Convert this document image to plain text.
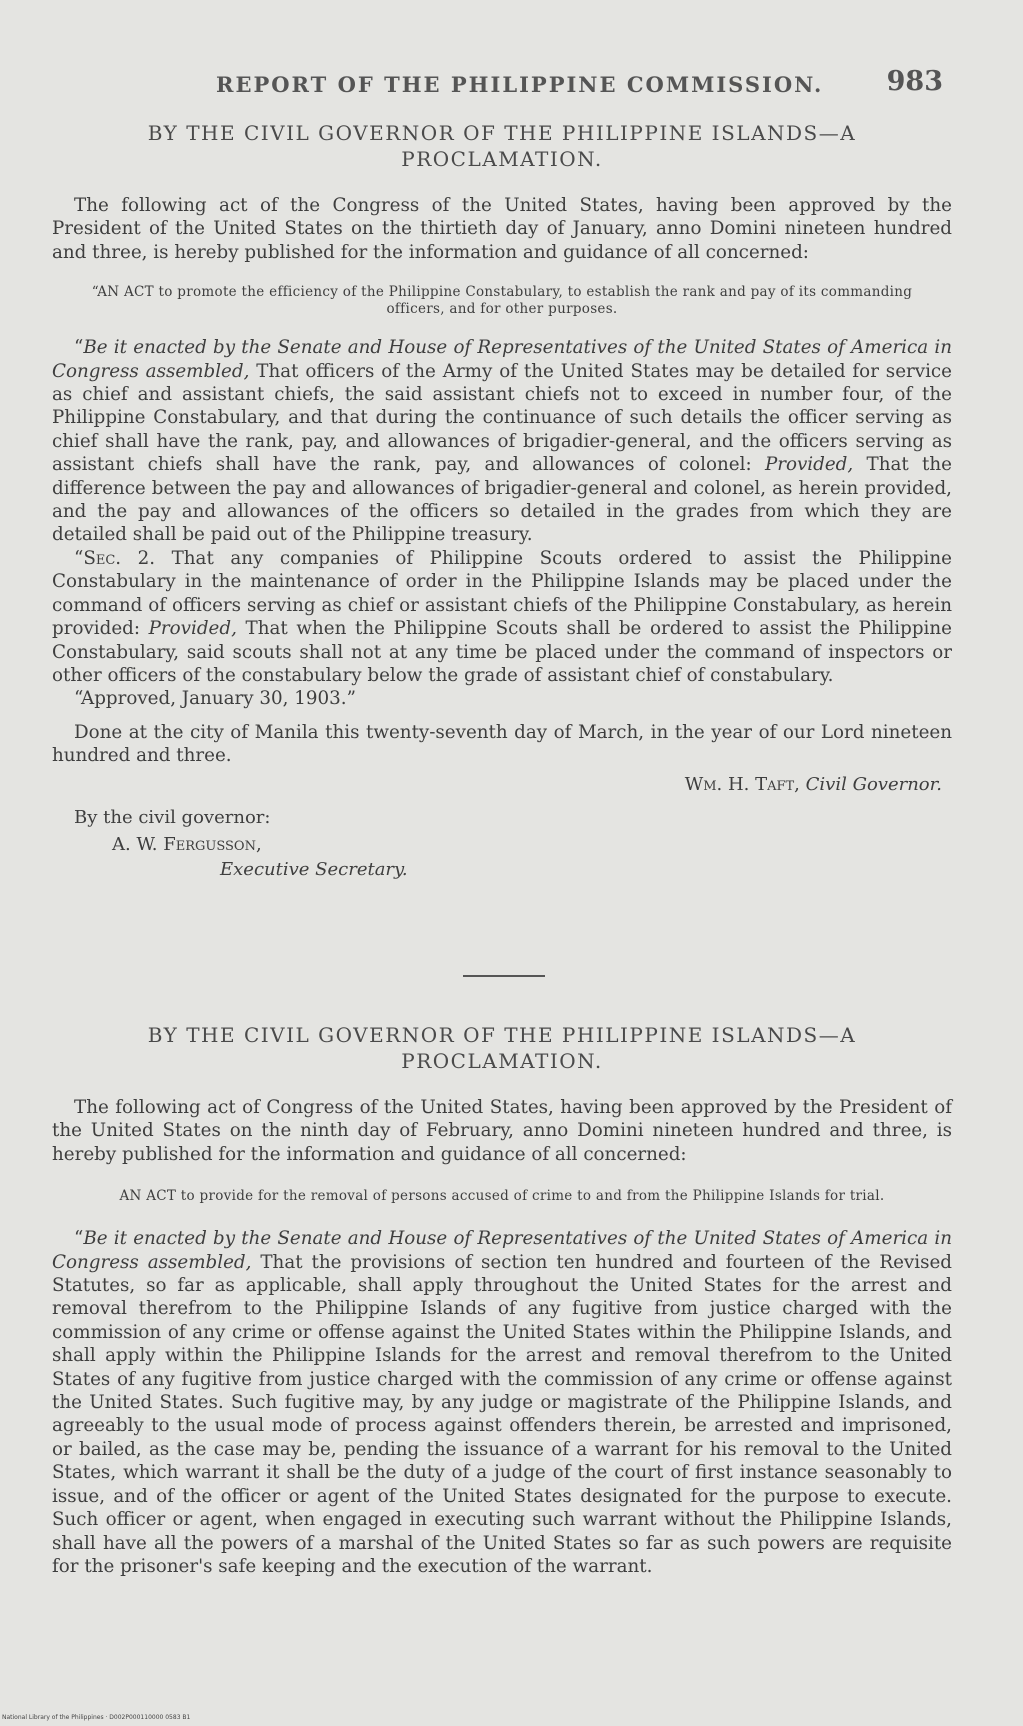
REPORT OF THE PHILIPPINE COMMISSION. 983
BY THE CIVIL GOVERNOR OF THE PHILIPPINE ISLANDS—A PROCLAMATION.

The following act of the Congress of the United States, having been approved by the President of the United States on the thirtieth day of January, anno Domini nineteen hundred and three, is hereby published for the information and guidance of all concerned:

“AN ACT to promote the efficiency of the Philippine Constabulary, to establish the rank and pay of its commanding officers, and for other purposes.

“Be it enacted by the Senate and House of Representatives of the United States of America in Congress assembled, That officers of the Army of the United States may be detailed for service as chief and assistant chiefs, the said assistant chiefs not to exceed in number four, of the Philippine Constabulary, and that during the continuance of such details the officer serving as chief shall have the rank, pay, and allowances of brigadier-general, and the officers serving as assistant chiefs shall have the rank, pay, and allowances of colonel: Provided, That the difference between the pay and allowances of brigadier-general and colonel, as herein provided, and the pay and allowances of the officers so detailed in the grades from which they are detailed shall be paid out of the Philippine treasury.

“Sec. 2. That any companies of Philippine Scouts ordered to assist the Philippine Constabulary in the maintenance of order in the Philippine Islands may be placed under the command of officers serving as chief or assistant chiefs of the Philippine Constabulary, as herein provided: Provided, That when the Philippine Scouts shall be ordered to assist the Philippine Constabulary, said scouts shall not at any time be placed under the command of inspectors or other officers of the constabulary below the grade of assistant chief of constabulary.

“Approved, January 30, 1903.”

Done at the city of Manila this twenty-seventh day of March, in the year of our Lord nineteen hundred and three.

Wm. H. Taft, Civil Governor.
By the civil governor:
A. W. Fergusson,
Executive Secretary.
BY THE CIVIL GOVERNOR OF THE PHILIPPINE ISLANDS—A PROCLAMATION.

The following act of Congress of the United States, having been approved by the President of the United States on the ninth day of February, anno Domini nineteen hundred and three, is hereby published for the information and guidance of all concerned:

AN ACT to provide for the removal of persons accused of crime to and from the Philippine Islands for trial.

“Be it enacted by the Senate and House of Representatives of the United States of America in Congress assembled, That the provisions of section ten hundred and fourteen of the Revised Statutes, so far as applicable, shall apply throughout the United States for the arrest and removal therefrom to the Philippine Islands of any fugitive from justice charged with the commission of any crime or offense against the United States within the Philippine Islands, and shall apply within the Philippine Islands for the arrest and removal therefrom to the United States of any fugitive from justice charged with the commission of any crime or offense against the United States. Such fugitive may, by any judge or magistrate of the Philippine Islands, and agreeably to the usual mode of process against offenders therein, be arrested and imprisoned, or bailed, as the case may be, pending the issuance of a warrant for his removal to the United States, which warrant it shall be the duty of a judge of the court of first instance seasonably to issue, and of the officer or agent of the United States designated for the purpose to execute. Such officer or agent, when engaged in executing such warrant without the Philippine Islands, shall have all the powers of a marshal of the United States so far as such powers are requisite for the prisoner's safe keeping and the execution of the warrant.

National Library of the Philippines · D002P000110000 0583 B1
